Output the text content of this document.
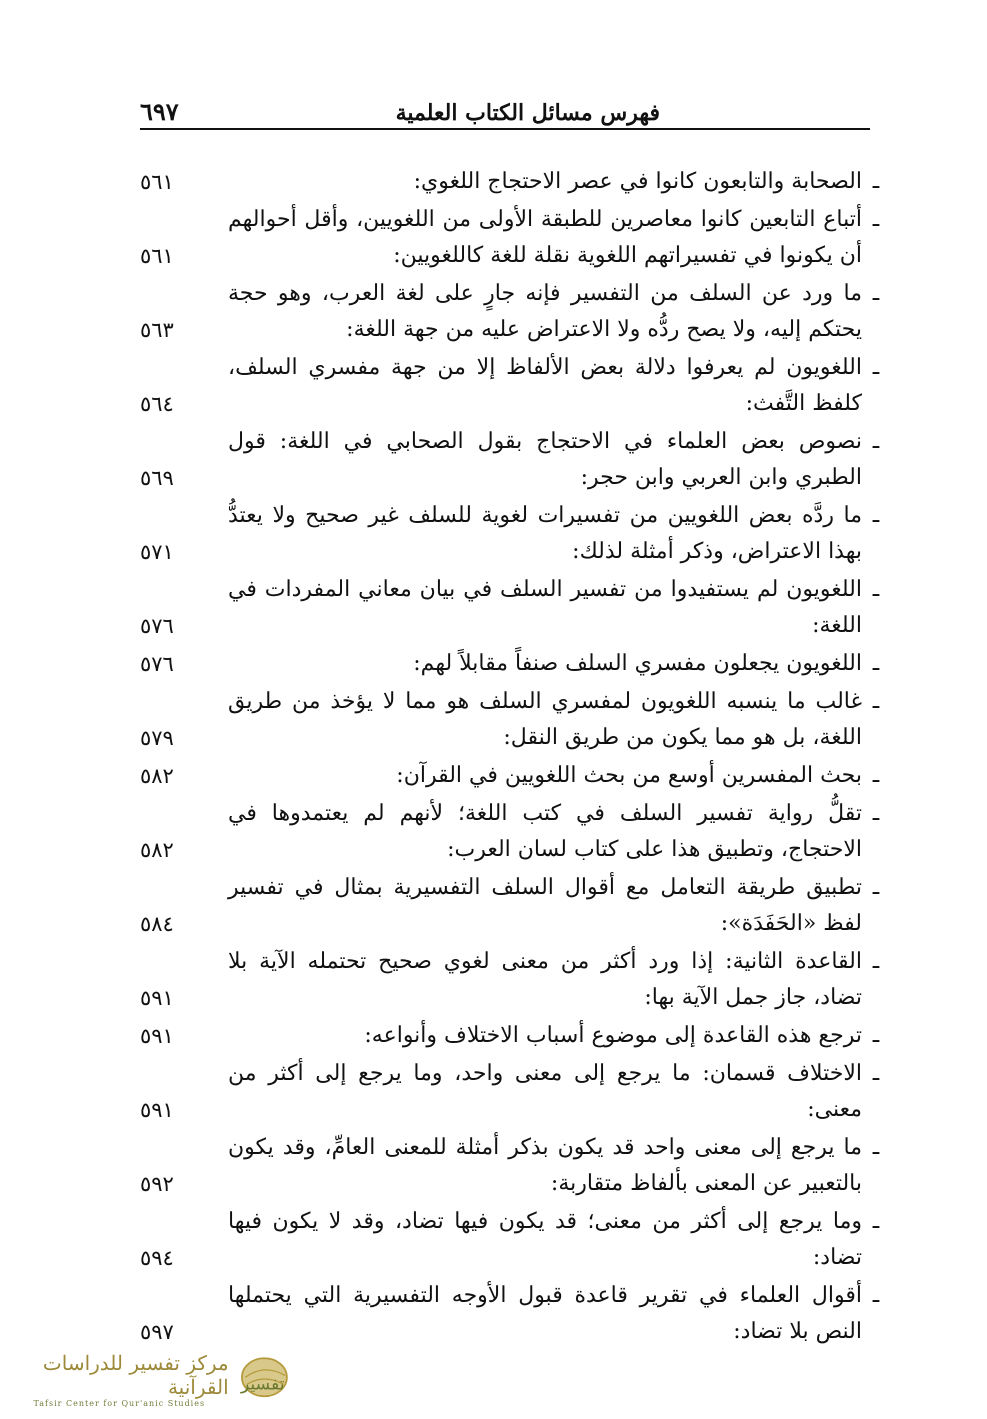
٦٩٧	فهرس مسائل الكتاب العلمية
ـ
الصحابة والتابعون كانوا في عصر الاحتجاج اللغوي:
٥٦١
ـ
أتباع التابعين كانوا معاصرين للطبقة الأولى من اللغويين، وأقل أحوالهم أن يكونوا في تفسيراتهم اللغوية نقلة للغة كاللغويين:
٥٦١
ـ
ما ورد عن السلف من التفسير فإنه جارٍ على لغة العرب، وهو حجة يحتكم إليه، ولا يصح ردُّه ولا الاعتراض عليه من جهة اللغة:
٥٦٣
ـ
اللغويون لم يعرفوا دلالة بعض الألفاظ إلا من جهة مفسري السلف، كلفظ التَّفث:
٥٦٤
ـ
نصوص بعض العلماء في الاحتجاج بقول الصحابي في اللغة: قول الطبري وابن العربي وابن حجر:
٥٦٩
ـ
ما ردَّه بعض اللغويين من تفسيرات لغوية للسلف غير صحيح ولا يعتدُّ بهذا الاعتراض، وذكر أمثلة لذلك:
٥٧١
ـ
اللغويون لم يستفيدوا من تفسير السلف في بيان معاني المفردات في اللغة:
٥٧٦
ـ
اللغويون يجعلون مفسري السلف صنفاً مقابلاً لهم:
٥٧٦
ـ
غالب ما ينسبه اللغويون لمفسري السلف هو مما لا يؤخذ من طريق اللغة، بل هو مما يكون من طريق النقل:
٥٧٩
ـ
بحث المفسرين أوسع من بحث اللغويين في القرآن:
٥٨٢
ـ
تقلُّ رواية تفسير السلف في كتب اللغة؛ لأنهم لم يعتمدوها في الاحتجاج، وتطبيق هذا على كتاب لسان العرب:
٥٨٢
ـ
تطبيق طريقة التعامل مع أقوال السلف التفسيرية بمثال في تفسير لفظ «الحَفَدَة»:
٥٨٤
ـ
القاعدة الثانية: إذا ورد أكثر من معنى لغوي صحيح تحتمله الآية بلا تضاد، جاز جمل الآية بها:
٥٩١
ـ
ترجع هذه القاعدة إلى موضوع أسباب الاختلاف وأنواعه:
٥٩١
ـ
الاختلاف قسمان: ما يرجع إلى معنى واحد، وما يرجع إلى أكثر من معنى:
٥٩١
ـ
ما يرجع إلى معنى واحد قد يكون بذكر أمثلة للمعنى العامِّ، وقد يكون بالتعبير عن المعنى بألفاظ متقاربة:
٥٩٢
ـ
وما يرجع إلى أكثر من معنى؛ قد يكون فيها تضاد، وقد لا يكون فيها تضاد:
٥٩٤
ـ
أقوال العلماء في تقرير قاعدة قبول الأوجه التفسيرية التي يحتملها النص بلا تضاد:
٥٩٧
مركز تفسير للدراسات القرآنية
Tafsir Center for Qur'anic Studies
تفسير
